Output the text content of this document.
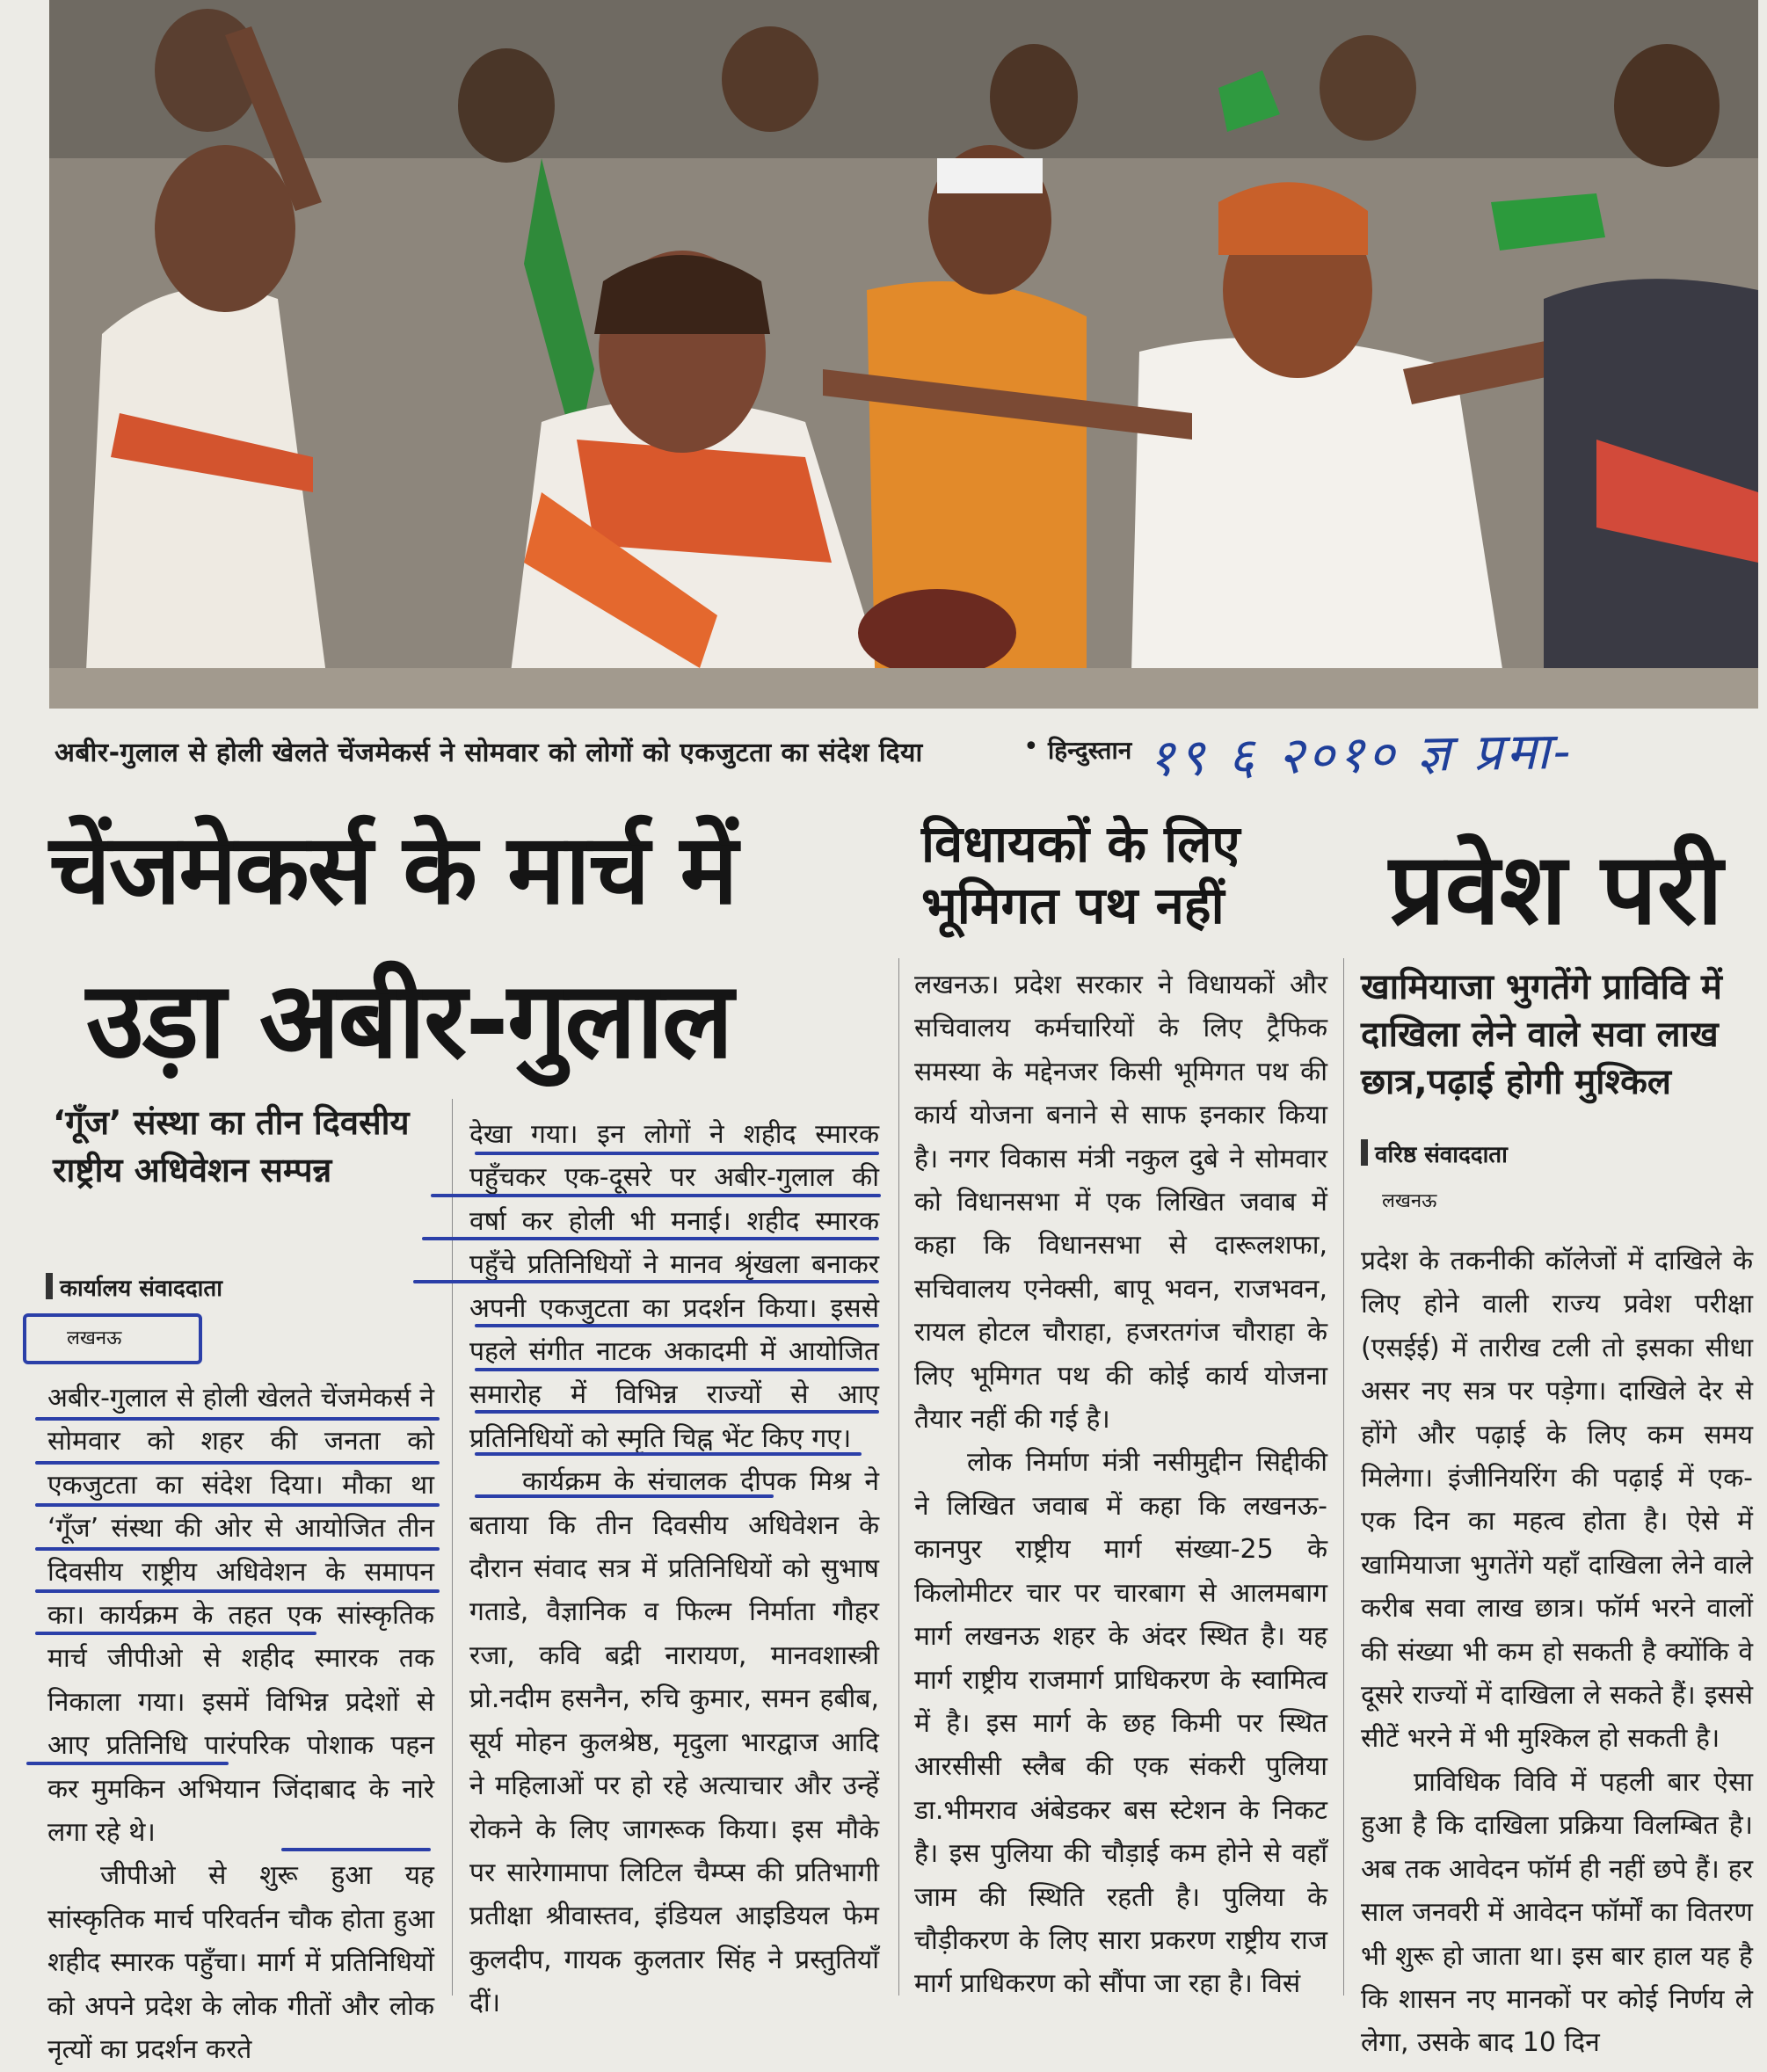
अबीर-गुलाल से होली खेलते चेंजमेकर्स ने सोमवार को लोगों को एकजुटता का संदेश दिया	• हिन्दुस्तान १९ ६ २०१० ज्ञ प्रमा-
चेंजमेकर्स के मार्च में
उड़ा अबीर-गुलाल
विधायकों के लिए
भूमिगत पथ नहीं प्रवेश परी
खामियाजा भुगतेंगे प्राविवि में दाखिला लेने वाले सवा लाख छात्र,पढ़ाई होगी मुश्किल
‘गूँज’ संस्था का तीन दिवसीय राष्ट्रीय अधिवेशन सम्पन्न
कार्यालय संवाददाता
लखनऊ

अबीर-गुलाल से होली खेलते चेंजमेकर्स ने सोमवार को शहर की जनता को एकजुटता का संदेश दिया। मौका था ‘गूँज’ संस्था की ओर से आयोजित तीन दिवसीय राष्ट्रीय अधिवेशन के समापन का। कार्यक्रम के तहत एक सांस्कृतिक मार्च जीपीओ से शहीद स्मारक तक निकाला गया। इसमें विभिन्न प्रदेशों से आए प्रतिनिधि पारंपरिक पोशाक पहन कर मुमकिन अभियान जिंदाबाद के नारे लगा रहे थे।

जीपीओ से शुरू हुआ यह सांस्कृतिक मार्च परिवर्तन चौक होता हुआ शहीद स्मारक पहुँचा। मार्ग में प्रतिनिधियों को अपने प्रदेश के लोक गीतों और लोक नृत्यों का प्रदर्शन करते

देखा गया। इन लोगों ने शहीद स्मारक पहुँचकर एक-दूसरे पर अबीर-गुलाल की वर्षा कर होली भी मनाई। शहीद स्मारक पहुँचे प्रतिनिधियों ने मानव श्रृंखला बनाकर अपनी एकजुटता का प्रदर्शन किया। इससे पहले संगीत नाटक अकादमी में आयोजित समारोह में विभिन्न राज्यों से आए प्रतिनिधियों को स्मृति चिह्न भेंट किए गए।

कार्यक्रम के संचालक दीपक मिश्र ने बताया कि तीन दिवसीय अधिवेशन के दौरान संवाद सत्र में प्रतिनिधियों को सुभाष गताडे, वैज्ञानिक व फिल्म निर्माता गौहर रजा, कवि बद्री नारायण, मानवशास्त्री प्रो.नदीम हसनैन, रुचि कुमार, समन हबीब, सूर्य मोहन कुलश्रेष्ठ, मृदुला भारद्वाज आदि ने महिलाओं पर हो रहे अत्याचार और उन्हें रोकने के लिए जागरूक किया। इस मौके पर सारेगामापा लिटिल चैम्प्स की प्रतिभागी प्रतीक्षा श्रीवास्तव, इंडियल आइडियल फेम कुलदीप, गायक कुलतार सिंह ने प्रस्तुतियाँ दीं।

लखनऊ। प्रदेश सरकार ने विधायकों और सचिवालय कर्मचारियों के लिए ट्रैफिक समस्या के मद्देनजर किसी भूमिगत पथ की कार्य योजना बनाने से साफ इनकार किया है। नगर विकास मंत्री नकुल दुबे ने सोमवार को विधानसभा में एक लिखित जवाब में कहा कि विधानसभा से दारूलशफा, सचिवालय एनेक्सी, बापू भवन, राजभवन, रायल होटल चौराहा, हजरतगंज चौराहा के लिए भूमिगत पथ की कोई कार्य योजना तैयार नहीं की गई है।

लोक निर्माण मंत्री नसीमुद्दीन सिद्दीकी ने लिखित जवाब में कहा कि लखनऊ-कानपुर राष्ट्रीय मार्ग संख्या-25 के किलोमीटर चार पर चारबाग से आलमबाग मार्ग लखनऊ शहर के अंदर स्थित है। यह मार्ग राष्ट्रीय राजमार्ग प्राधिकरण के स्वामित्व में है। इस मार्ग के छह किमी पर स्थित आरसीसी स्लैब की एक संकरी पुलिया डा.भीमराव अंबेडकर बस स्टेशन के निकट है। इस पुलिया की चौड़ाई कम होने से वहाँ जाम की स्थिति रहती है। पुलिया के चौड़ीकरण के लिए सारा प्रकरण राष्ट्रीय राज मार्ग प्राधिकरण को सौंपा जा रहा है। विसं

वरिष्ठ संवाददाता
लखनऊ

प्रदेश के तकनीकी कॉलेजों में दाखिले के लिए होने वाली राज्य प्रवेश परीक्षा (एसईई) में तारीख टली तो इसका सीधा असर नए सत्र पर पड़ेगा। दाखिले देर से होंगे और पढ़ाई के लिए कम समय मिलेगा। इंजीनियरिंग की पढ़ाई में एक-एक दिन का महत्व होता है। ऐसे में खामियाजा भुगतेंगे यहाँ दाखिला लेने वाले करीब सवा लाख छात्र। फॉर्म भरने वालों की संख्या भी कम हो सकती है क्योंकि वे दूसरे राज्यों में दाखिला ले सकते हैं। इससे सीटें भरने में भी मुश्किल हो सकती है।

प्राविधिक विवि में पहली बार ऐसा हुआ है कि दाखिला प्रक्रिया विलम्बित है। अब तक आवेदन फॉर्म ही नहीं छपे हैं। हर साल जनवरी में आवेदन फॉर्मों का वितरण भी शुरू हो जाता था। इस बार हाल यह है कि शासन नए मानकों पर कोई निर्णय ले लेगा, उसके बाद 10 दिन
